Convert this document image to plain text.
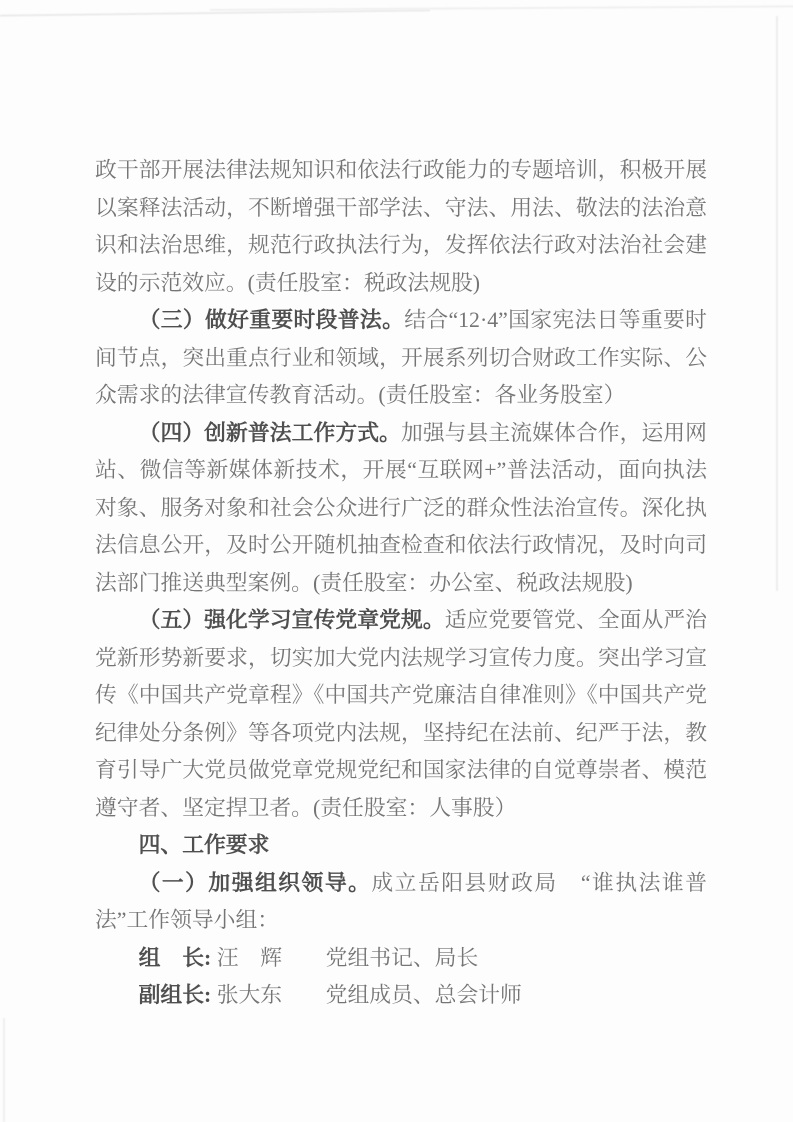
政干部开展法律法规知识和依法行政能力的专题培训，积极开展以案释法活动，不断增强干部学法、守法、用法、敬法的法治意识和法治思维，规范行政执法行为，发挥依法行政对法治社会建设的示范效应。(责任股室：税政法规股)

（三）做好重要时段普法。结合“12·4”国家宪法日等重要时间节点，突出重点行业和领域，开展系列切合财政工作实际、公众需求的法律宣传教育活动。(责任股室：各业务股室）

（四）创新普法工作方式。加强与县主流媒体合作，运用网站、微信等新媒体新技术，开展“互联网+”普法活动，面向执法对象、服务对象和社会公众进行广泛的群众性法治宣传。深化执法信息公开，及时公开随机抽查检查和依法行政情况，及时向司法部门推送典型案例。(责任股室：办公室、税政法规股)

（五）强化学习宣传党章党规。适应党要管党、全面从严治党新形势新要求，切实加大党内法规学习宣传力度。突出学习宣传《中国共产党章程》《中国共产党廉洁自律准则》《中国共产党纪律处分条例》等各项党内法规，坚持纪在法前、纪严于法，教育引导广大党员做党章党规党纪和国家法律的自觉尊崇者、模范遵守者、坚定捍卫者。(责任股室：人事股）

四、工作要求

（一）加强组织领导。成立岳阳县财政局　“谁执法谁普法”工作领导小组：

组　长: 汪　辉　　党组书记、局长

副组长: 张大东　　党组成员、总会计师
